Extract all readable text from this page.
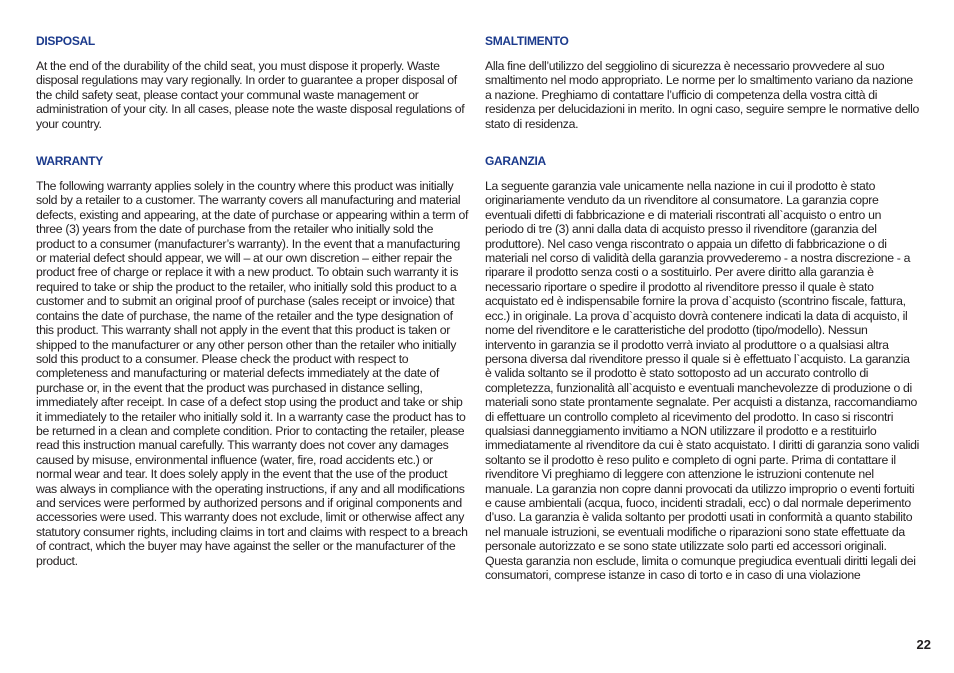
DISPOSAL

At the end of the durability of the child seat, you must dispose it properly. Waste disposal regulations may vary regionally. In order to guarantee a proper disposal of the child safety seat, please contact your communal waste management or administration of your city. In all cases, please note the waste disposal regulations of your country.

WARRANTY

The following warranty applies solely in the country where this product was initially sold by a retailer to a customer. The warranty covers all manufacturing and material defects, existing and appearing, at the date of purchase or appearing within a term of three (3) years from the date of purchase from the retailer who initially sold the product to a consumer (manufacturer’s warranty). In the event that a manufacturing or material defect should appear, we will – at our own discretion – either repair the product free of charge or replace it with a new product. To obtain such warranty it is required to take or ship the product to the retailer, who initially sold this product to a customer and to submit an original proof of purchase (sales receipt or invoice) that contains the date of purchase, the name of the retailer and the type designation of this product. This warranty shall not apply in the event that this product is taken or shipped to the manufacturer or any other person other than the retailer who initially sold this product to a consumer. Please check the product with respect to completeness and manufacturing or material defects immediately at the date of purchase or, in the event that the product was purchased in distance selling, immediately after receipt. In case of a defect stop using the product and take or ship it immediately to the retailer who initially sold it. In a warranty case the product has to be returned in a clean and complete condition. Prior to contacting the retailer, please read this instruction manual carefully. This warranty does not cover any damages caused by misuse, environmental influence (water, fire, road accidents etc.) or normal wear and tear. It does solely apply in the event that the use of the product was always in compliance with the operating instructions, if any and all modifications and services were performed by authorized persons and if original components and accessories were used. This warranty does not exclude, limit or otherwise affect any statutory consumer rights, including claims in tort and claims with respect to a breach of contract, which the buyer may have against the seller or the manufacturer of the product.

SMALTIMENTO

Alla fine dell’utilizzo del seggiolino di sicurezza è necessario provvedere al suo smaltimento nel modo appropriato. Le norme per lo smaltimento variano da nazione a nazione. Preghiamo di contattare l’ufficio di competenza della vostra città di residenza per delucidazioni in merito. In ogni caso, seguire sempre le normative dello stato di residenza.

GARANZIA

La seguente garanzia vale unicamente nella nazione in cui il prodotto è stato originariamente venduto da un rivenditore al consumatore. La garanzia copre eventuali difetti di fabbricazione e di materiali riscontrati all`acquisto o entro un periodo di tre (3) anni dalla data di acquisto presso il rivenditore (garanzia del produttore). Nel caso venga riscontrato o appaia un difetto di fabbricazione o di materiali nel corso di validità della garanzia provvederemo - a nostra discrezione - a riparare il prodotto senza costi o a sostituirlo. Per avere diritto alla garanzia è necessario riportare o spedire il prodotto al rivenditore presso il quale è stato acquistato ed è indispensabile fornire la prova d`acquisto (scontrino fiscale, fattura, ecc.) in originale. La prova d`acquisto dovrà contenere indicati la data di acquisto, il nome del rivenditore e le caratteristiche del prodotto (tipo/modello). Nessun intervento in garanzia se il prodotto verrà inviato al produttore o a qualsiasi altra persona diversa dal rivenditore presso il quale si è effettuato l`acquisto. La garanzia è valida soltanto se il prodotto è stato sottoposto ad un accurato controllo di completezza, funzionalità all`acquisto e eventuali manchevolezze di produzione o di materiali sono state prontamente segnalate. Per acquisti a distanza, raccomandiamo di effettuare un controllo completo al ricevimento del prodotto. In caso si riscontri qualsiasi danneggiamento invitiamo a NON utilizzare il prodotto e a restituirlo immediatamente al rivenditore da cui è stato acquistato. I diritti di garanzia sono validi soltanto se il prodotto è reso pulito e completo di ogni parte. Prima di contattare il rivenditore Vi preghiamo di leggere con attenzione le istruzioni contenute nel manuale. La garanzia non copre danni provocati da utilizzo improprio o eventi fortuiti e cause ambientali (acqua, fuoco, incidenti stradali, ecc) o dal normale deperimento d’uso. La garanzia è valida soltanto per prodotti usati in conformità a quanto stabilito nel manuale istruzioni, se eventuali modifiche o riparazioni sono state effettuate da personale autorizzato e se sono state utilizzate solo parti ed accessori originali. Questa garanzia non esclude, limita o comunque pregiudica eventuali diritti legali dei consumatori, comprese istanze in caso di torto e in caso di una violazione

22
